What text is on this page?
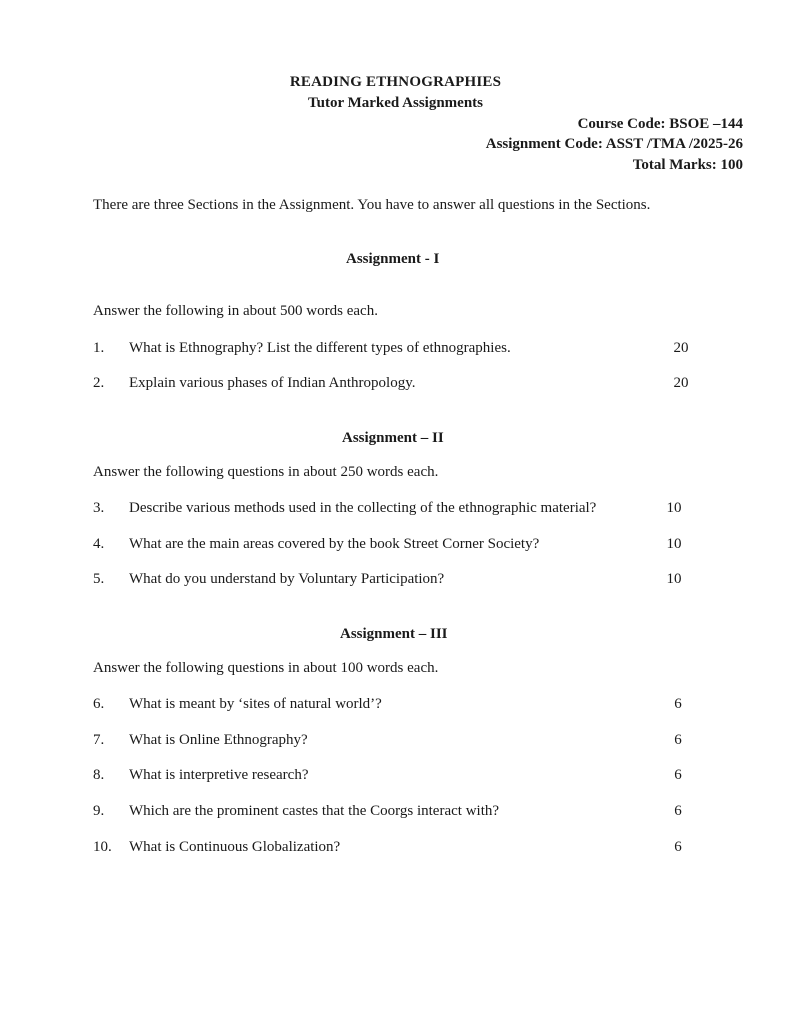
READING ETHNOGRAPHIES
Tutor Marked Assignments
Course Code: BSOE –144
Assignment Code: ASST /TMA /2025-26
Total Marks: 100
There are three Sections in the Assignment. You have to answer all questions in the Sections.
Assignment - I
Answer the following in about 500 words each.
1. What is Ethnography? List the different types of ethnographies.	20
2. Explain various phases of Indian Anthropology.	20
Assignment – II
Answer the following questions in about 250 words each.
3. Describe various methods used in the collecting of the ethnographic material?	10
4. What are the main areas covered by the book Street Corner Society?	10
5. What do you understand by Voluntary Participation?	10
Assignment – III
Answer the following questions in about 100 words each.
6. What is meant by ‘sites of natural world’?	6
7. What is Online Ethnography?	6
8. What is interpretive research?	6
9. Which are the prominent castes that the Coorgs interact with?	6
10. What is Continuous Globalization?	6
